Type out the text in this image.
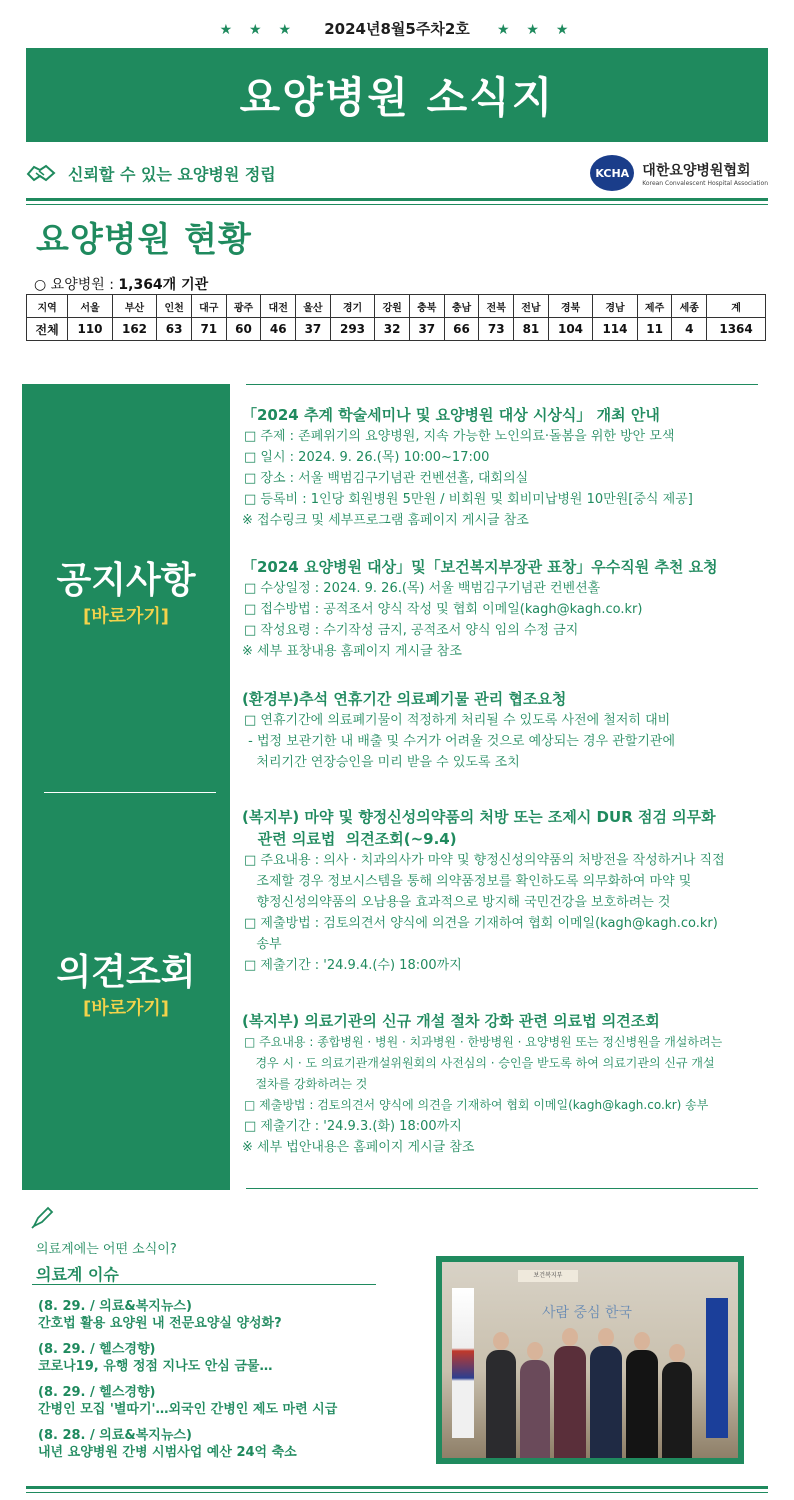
★ ★ ★ 2024년8월5주차2호 ★ ★ ★
요양병원 소식지
신뢰할 수 있는 요양병원 정립	KCHA 대한요양병원협회
Korean Convalescent Hospital Association
요양병원 현황
○ 요양병원 : 1,364개 기관
지역	서울	부산	인천	대구	광주	대전	울산	경기	강원	충북	충남	전북	전남	경북	경남	제주	세종	계
전체	110	162	63	71	60	46	37	293	32	37	66	73	81	104	114	11	4	1364
공지사항
[바로가기]
의견조회
[바로가기]
「2024 추계 학술세미나 및 요양병원 대상 시상식」 개최 안내
□ 주제 : 존폐위기의 요양병원, 지속 가능한 노인의료·돌봄을 위한 방안 모색
□ 일시 : 2024. 9. 26.(목) 10:00~17:00
□ 장소 : 서울 백범김구기념관 컨벤션홀, 대회의실
□ 등록비 : 1인당 회원병원 5만원 / 비회원 및 회비미납병원 10만원[중식 제공]
※ 접수링크 및 세부프로그램 홈페이지 게시글 참조
「2024 요양병원 대상」및「보건복지부장관 표창」우수직원 추천 요청
□ 수상일정 : 2024. 9. 26.(목) 서울 백범김구기념관 컨벤션홀
□ 접수방법 : 공적조서 양식 작성 및 협회 이메일(kagh@kagh.co.kr)
□ 작성요령 : 수기작성 금지, 공적조서 양식 임의 수정 금지
※ 세부 표창내용 홈페이지 게시글 참조
(환경부)추석 연휴기간 의료폐기물 관리 협조요청
□ 연휴기간에 의료폐기물이 적정하게 처리될 수 있도록 사전에 철저히 대비
- 법정 보관기한 내 배출 및 수거가 어려울 것으로 예상되는 경우 관할기관에
처리기간 연장승인을 미리 받을 수 있도록 조치
(복지부) 마약 및 향정신성의약품의 처방 또는 조제시 DUR 점검 의무화
관련 의료법  의견조회(~9.4)
□ 주요내용 : 의사 · 치과의사가 마약 및 향정신성의약품의 처방전을 작성하거나 직접
조제할 경우 정보시스템을 통해 의약품정보를 확인하도록 의무화하여 마약 및
향정신성의약품의 오남용을 효과적으로 방지해 국민건강을 보호하려는 것
□ 제출방법 : 검토의견서 양식에 의견을 기재하여 협회 이메일(kagh@kagh.co.kr)
송부
□ 제출기간 : '24.9.4.(수) 18:00까지
(복지부) 의료기관의 신규 개설 절차 강화 관련 의료법 의견조회
□ 주요내용 : 종합병원 · 병원 · 치과병원 · 한방병원 · 요양병원 또는 정신병원을 개설하려는
경우 시 · 도 의료기관개설위원회의 사전심의 · 승인을 받도록 하여 의료기관의 신규 개설
절차를 강화하려는 것
□ 제출방법 : 검토의견서 양식에 의견을 기재하여 협회 이메일(kagh@kagh.co.kr) 송부
□ 제출기간 : '24.9.3.(화) 18:00까지
※ 세부 법안내용은 홈페이지 게시글 참조
의료계에는 어떤 소식이?
의료계 이슈
(8. 29. / 의료&복지뉴스)
간호법 활용 요양원 내 전문요양실 양성화?
(8. 29. / 헬스경향)
코로나19, 유행 정점 지나도 안심 금물…
(8. 29. / 헬스경향)
간병인 모집 '별따기'…외국인 간병인 제도 마련 시급
(8. 28. / 의료&복지뉴스)
내년 요양병원 간병 시범사업 예산 24억 축소
보건복지부
사람 중심 한국
